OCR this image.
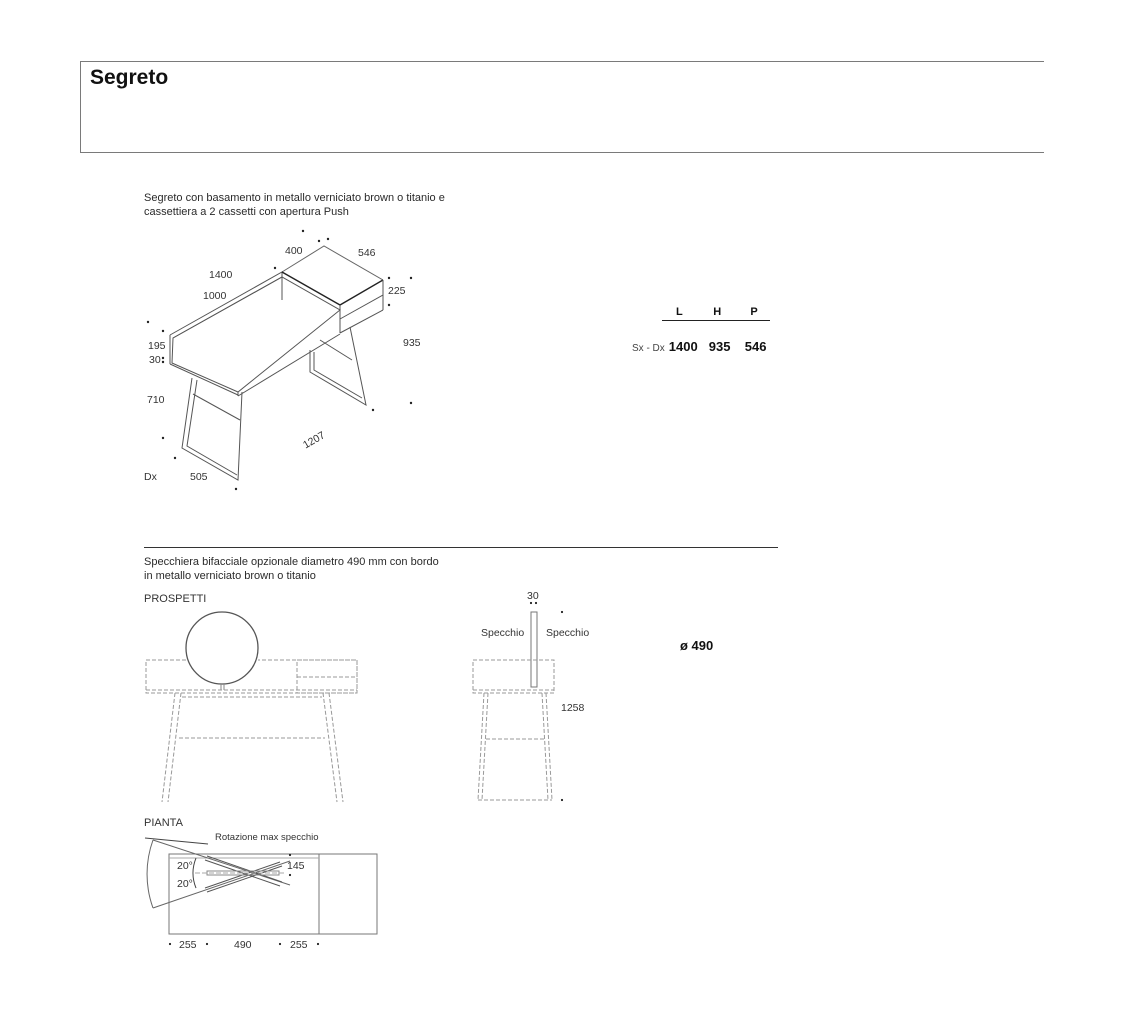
Segreto
Segreto con basamento in metallo verniciato brown o titanio e
cassettiera a 2 cassetti con apertura Push
400	546
1400
1000	225
195
30
935
710
1207
505
Dx
L	H	P
Sx - Dx 1400 935	546
Specchiera bifacciale opzionale diametro 490 mm con bordo
in metallo verniciato brown o titanio
PROSPETTI	30
Specchio Specchio
1258
ø 490
PIANTA
Rotazione max specchio
20°
20°
145
255	490	255
